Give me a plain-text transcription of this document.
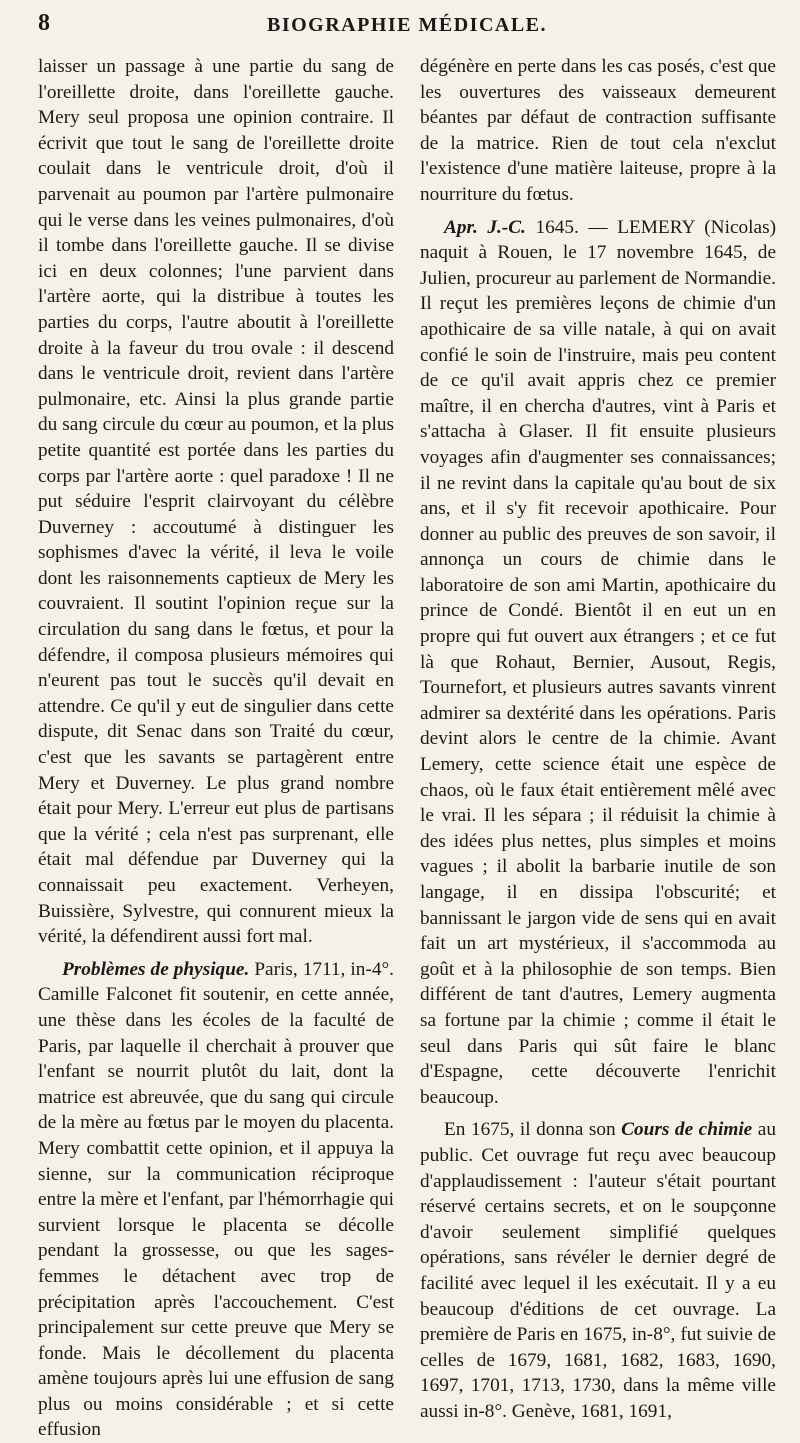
8	BIOGRAPHIE MÉDICALE.

laisser un passage à une partie du sang de l'oreillette droite, dans l'oreillette gauche. Mery seul proposa une opinion contraire. Il écrivit que tout le sang de l'oreillette droite coulait dans le ventricule droit, d'où il parvenait au poumon par l'artère pulmonaire qui le verse dans les veines pulmonaires, d'où il tombe dans l'oreillette gauche. Il se divise ici en deux colonnes; l'une parvient dans l'artère aorte, qui la distribue à toutes les parties du corps, l'autre aboutit à l'oreillette droite à la faveur du trou ovale : il descend dans le ventricule droit, revient dans l'artère pulmonaire, etc. Ainsi la plus grande partie du sang circule du cœur au poumon, et la plus petite quantité est portée dans les parties du corps par l'artère aorte : quel paradoxe ! Il ne put séduire l'esprit clairvoyant du célèbre Duverney : accoutumé à distinguer les sophismes d'avec la vérité, il leva le voile dont les raisonnements captieux de Mery les couvraient. Il soutint l'opinion reçue sur la circulation du sang dans le fœtus, et pour la défendre, il composa plusieurs mémoires qui n'eurent pas tout le succès qu'il devait en attendre. Ce qu'il y eut de singulier dans cette dispute, dit Senac dans son Traité du cœur, c'est que les savants se partagèrent entre Mery et Duverney. Le plus grand nombre était pour Mery. L'erreur eut plus de partisans que la vérité ; cela n'est pas surprenant, elle était mal défendue par Duverney qui la connaissait peu exactement. Verheyen, Buissière, Sylvestre, qui connurent mieux la vérité, la défendirent aussi fort mal.

Problèmes de physique. Paris, 1711, in-4°. Camille Falconet fit soutenir, en cette année, une thèse dans les écoles de la faculté de Paris, par laquelle il cherchait à prouver que l'enfant se nourrit plutôt du lait, dont la matrice est abreuvée, que du sang qui circule de la mère au fœtus par le moyen du placenta. Mery combattit cette opinion, et il appuya la sienne, sur la communication réciproque entre la mère et l'enfant, par l'hémorrhagie qui survient lorsque le placenta se décolle pendant la grossesse, ou que les sages-femmes le détachent avec trop de précipitation après l'accouchement. C'est principalement sur cette preuve que Mery se fonde. Mais le décollement du placenta amène toujours après lui une effusion de sang plus ou moins considérable ; et si cette effusion

dégénère en perte dans les cas posés, c'est que les ouvertures des vaisseaux demeurent béantes par défaut de contraction suffisante de la matrice. Rien de tout cela n'exclut l'existence d'une matière laiteuse, propre à la nourriture du fœtus.

Apr. J.-C. 1645. — LEMERY (Nicolas) naquit à Rouen, le 17 novembre 1645, de Julien, procureur au parlement de Normandie. Il reçut les premières leçons de chimie d'un apothicaire de sa ville natale, à qui on avait confié le soin de l'instruire, mais peu content de ce qu'il avait appris chez ce premier maître, il en chercha d'autres, vint à Paris et s'attacha à Glaser. Il fit ensuite plusieurs voyages afin d'augmenter ses connaissances; il ne revint dans la capitale qu'au bout de six ans, et il s'y fit recevoir apothicaire. Pour donner au public des preuves de son savoir, il annonça un cours de chimie dans le laboratoire de son ami Martin, apothicaire du prince de Condé. Bientôt il en eut un en propre qui fut ouvert aux étrangers ; et ce fut là que Rohaut, Bernier, Ausout, Regis, Tournefort, et plusieurs autres savants vinrent admirer sa dextérité dans les opérations. Paris devint alors le centre de la chimie. Avant Lemery, cette science était une espèce de chaos, où le faux était entièrement mêlé avec le vrai. Il les sépara ; il réduisit la chimie à des idées plus nettes, plus simples et moins vagues ; il abolit la barbarie inutile de son langage, il en dissipa l'obscurité; et bannissant le jargon vide de sens qui en avait fait un art mystérieux, il s'accommoda au goût et à la philosophie de son temps. Bien différent de tant d'autres, Lemery augmenta sa fortune par la chimie ; comme il était le seul dans Paris qui sût faire le blanc d'Espagne, cette découverte l'enrichit beaucoup.

En 1675, il donna son Cours de chimie au public. Cet ouvrage fut reçu avec beaucoup d'applaudissement : l'auteur s'était pourtant réservé certains secrets, et on le soupçonne d'avoir seulement simplifié quelques opérations, sans révéler le dernier degré de facilité avec lequel il les exécutait. Il y a eu beaucoup d'éditions de cet ouvrage. La première de Paris en 1675, in-8°, fut suivie de celles de 1679, 1681, 1682, 1683, 1690, 1697, 1701, 1713, 1730, dans la même ville aussi in-8°. Genève, 1681, 1691,
